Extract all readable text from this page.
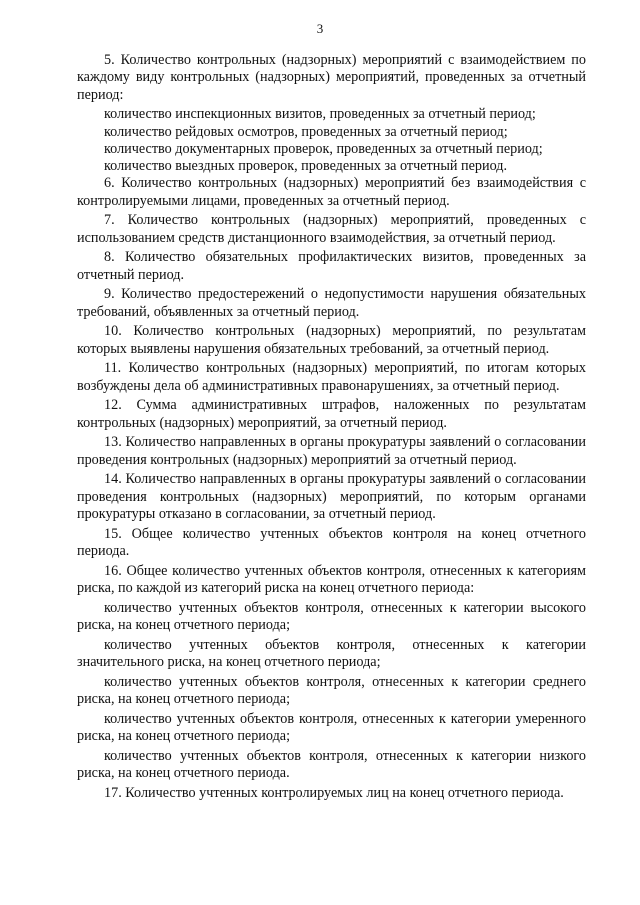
3

5. Количество контрольных (надзорных) мероприятий с взаимодействием по каждому виду контрольных (надзорных) мероприятий, проведенных за отчетный период:

количество инспекционных визитов, проведенных за отчетный период;

количество рейдовых осмотров, проведенных за отчетный период;

количество документарных проверок, проведенных за отчетный период;

количество выездных проверок, проведенных за отчетный период.

6. Количество контрольных (надзорных) мероприятий без взаимодействия с контролируемыми лицами, проведенных за отчетный период.

7. Количество контрольных (надзорных) мероприятий, проведенных с использованием средств дистанционного взаимодействия, за отчетный период.

8. Количество обязательных профилактических визитов, проведенных за отчетный период.

9. Количество предостережений о недопустимости нарушения обязательных требований, объявленных за отчетный период.

10. Количество контрольных (надзорных) мероприятий, по результатам которых выявлены нарушения обязательных требований, за отчетный период.

11. Количество контрольных (надзорных) мероприятий, по итогам которых возбуждены дела об административных правонарушениях, за отчетный период.

12. Сумма административных штрафов, наложенных по результатам контрольных (надзорных) мероприятий, за отчетный период.

13. Количество направленных в органы прокуратуры заявлений о согласовании проведения контрольных (надзорных) мероприятий за отчетный период.

14. Количество направленных в органы прокуратуры заявлений о согласовании проведения контрольных (надзорных) мероприятий, по которым органами прокуратуры отказано в согласовании, за отчетный период.

15. Общее количество учтенных объектов контроля на конец отчетного периода.

16. Общее количество учтенных объектов контроля, отнесенных к категориям риска, по каждой из категорий риска на конец отчетного периода:

количество учтенных объектов контроля, отнесенных к категории высокого риска, на конец отчетного периода;

количество учтенных объектов контроля, отнесенных к категории значительного риска, на конец отчетного периода;

количество учтенных объектов контроля, отнесенных к категории среднего риска, на конец отчетного периода;

количество учтенных объектов контроля, отнесенных к категории умеренного риска, на конец отчетного периода;

количество учтенных объектов контроля, отнесенных к категории низкого риска, на конец отчетного периода.

17. Количество учтенных контролируемых лиц на конец отчетного периода.
